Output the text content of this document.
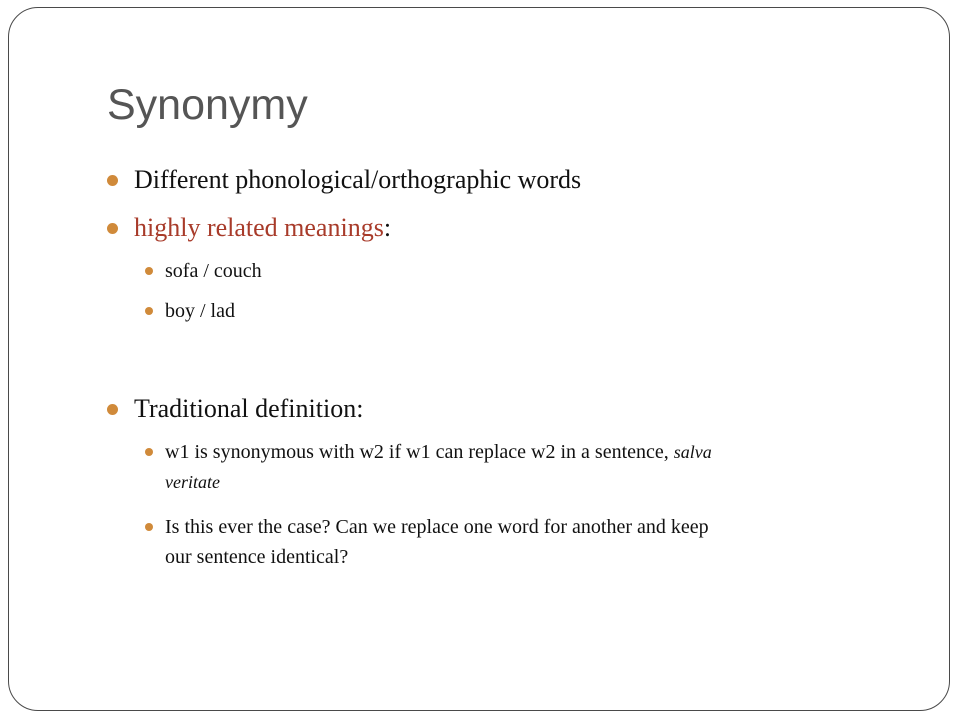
Synonymy
Different phonological/orthographic words
highly related meanings:
sofa / couch
boy / lad
Traditional definition:
w1 is synonymous with w2 if w1 can replace w2 in a sentence, salva
veritate
Is this ever the case? Can we replace one word for another and keep
our sentence identical?
